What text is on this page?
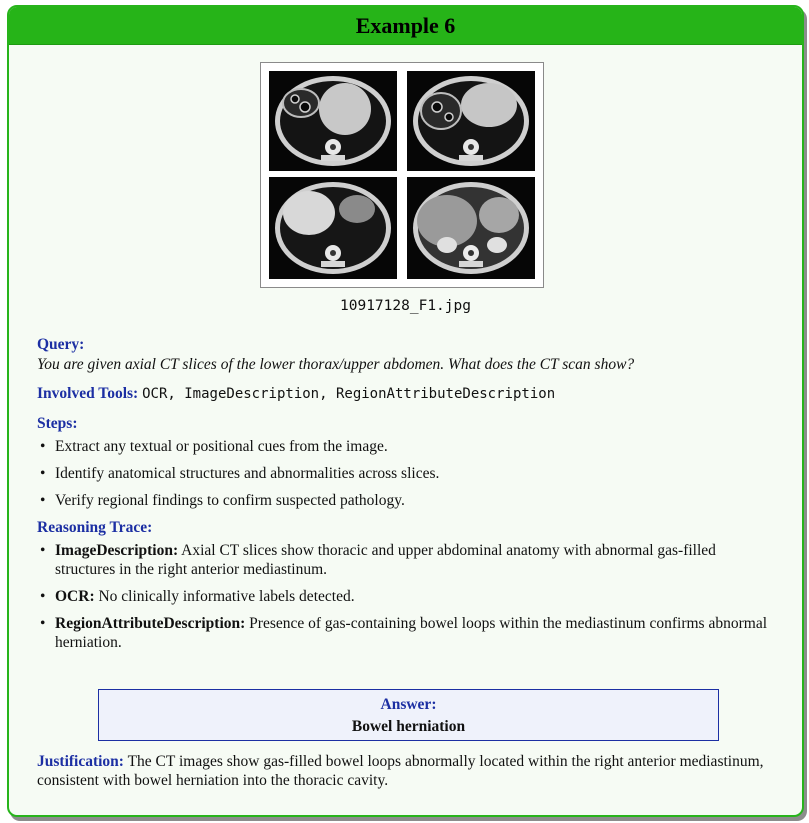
Example 6
10917128_F1.jpg
Query:
You are given axial CT slices of the lower thorax/upper abdomen. What does the CT scan show?
Involved Tools: OCR, ImageDescription, RegionAttributeDescription
Steps:
• Extract any textual or positional cues from the image.
• Identify anatomical structures and abnormalities across slices.
• Verify regional findings to confirm suspected pathology.
Reasoning Trace:
• ImageDescription: Axial CT slices show thoracic and upper abdominal anatomy with abnormal gas-filled structures in the right anterior mediastinum.
• OCR: No clinically informative labels detected.
• RegionAttributeDescription: Presence of gas-containing bowel loops within the mediastinum confirms abnormal herniation.
Answer:
Bowel herniation
Justification: The CT images show gas-filled bowel loops abnormally located within the right anterior mediastinum, consistent with bowel herniation into the thoracic cavity.
